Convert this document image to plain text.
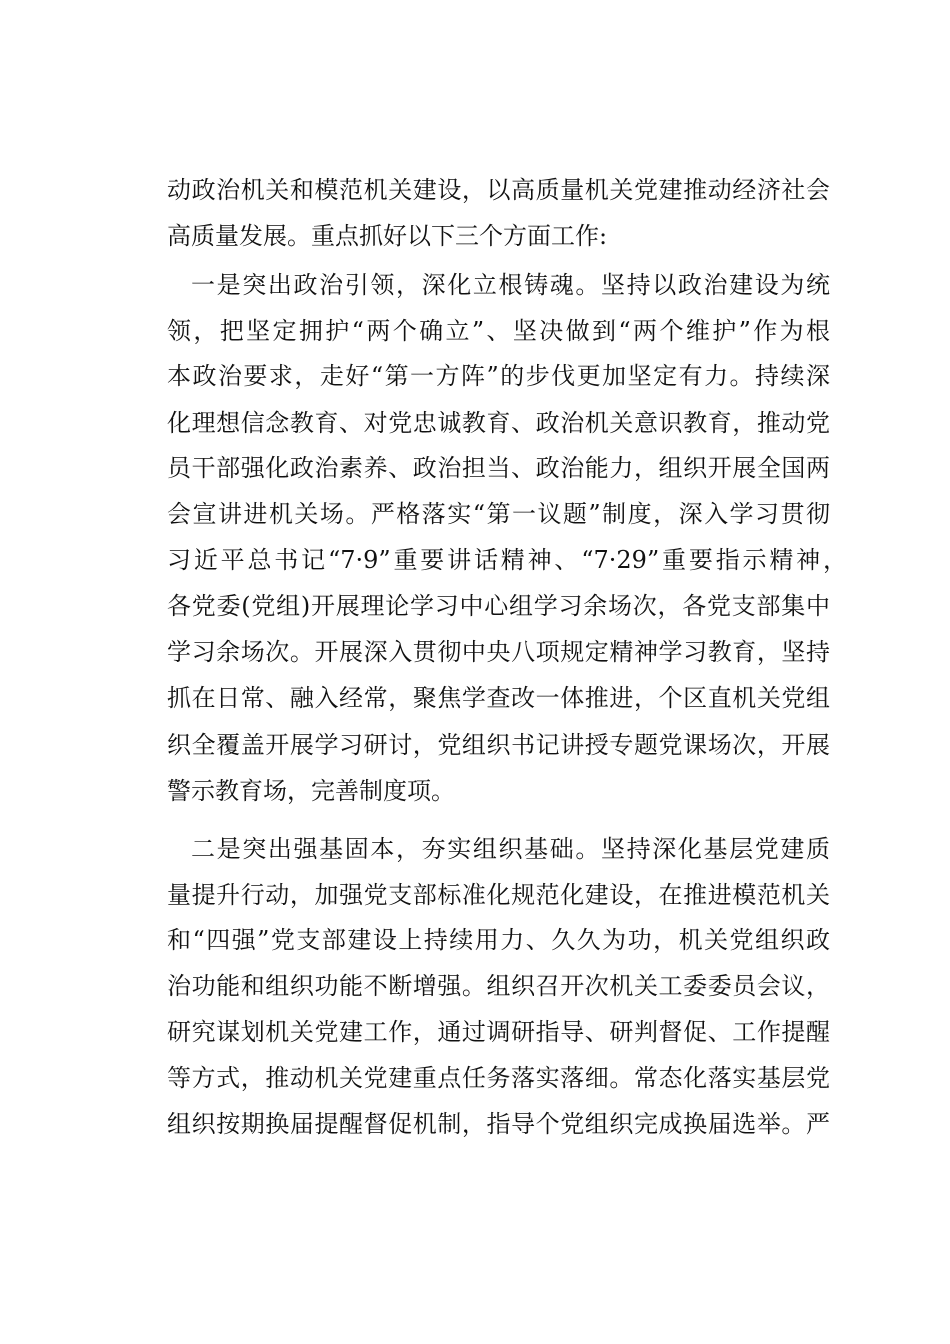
动政治机关和模范机关建设，以高质量机关党建推动经济社会
高质量发展。重点抓好以下三个方面工作:
一是突出政治引领，深化立根铸魂。坚持以政治建设为统
领，把坚定拥护“两个确立”、坚决做到“两个维护”作为根
本政治要求，走好“第一方阵”的步伐更加坚定有力。持续深
化理想信念教育、对党忠诚教育、政治机关意识教育，推动党
员干部强化政治素养、政治担当、政治能力，组织开展全国两
会宣讲进机关场。严格落实“第一议题”制度，深入学习贯彻
习近平总书记“7·9”重要讲话精神、“7·29”重要指示精神，
各党委(党组)开展理论学习中心组学习余场次，各党支部集中
学习余场次。开展深入贯彻中央八项规定精神学习教育，坚持
抓在日常、融入经常，聚焦学查改一体推进，个区直机关党组
织全覆盖开展学习研讨，党组织书记讲授专题党课场次，开展
警示教育场，完善制度项。
二是突出强基固本，夯实组织基础。坚持深化基层党建质
量提升行动，加强党支部标准化规范化建设，在推进模范机关
和“四强”党支部建设上持续用力、久久为功，机关党组织政
治功能和组织功能不断增强。组织召开次机关工委委员会议，
研究谋划机关党建工作，通过调研指导、研判督促、工作提醒
等方式，推动机关党建重点任务落实落细。常态化落实基层党
组织按期换届提醒督促机制，指导个党组织完成换届选举。严
